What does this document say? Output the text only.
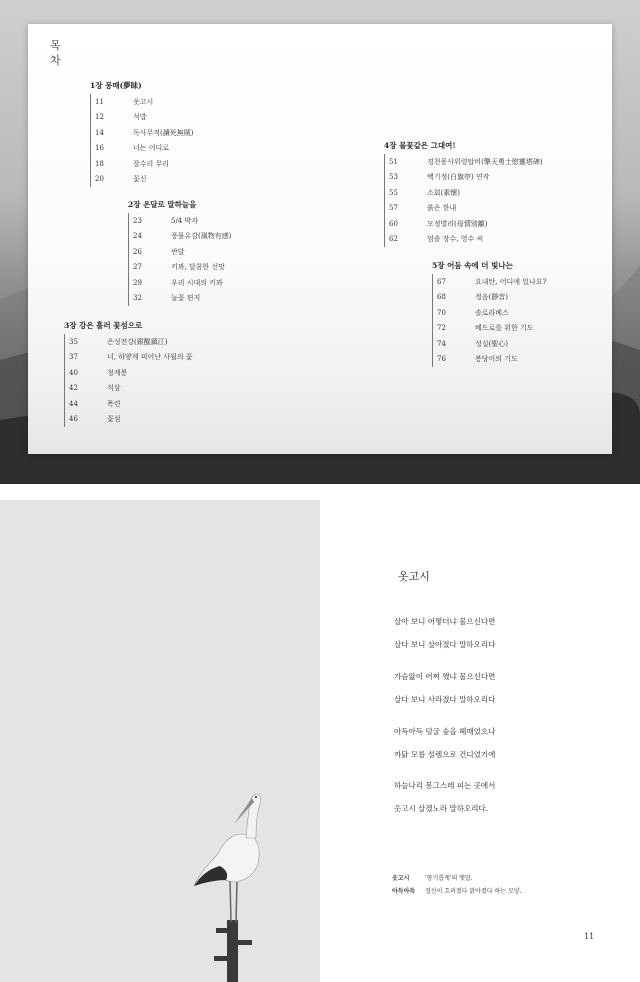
목차
1장 몽매(夢昧)
11	옷고시
12	석밥
14	독사무적(讀死無賊)
16	너는 어디로
18	잘수리 무리
20	꽃신
2장 온달로 말하늘을
23	5/4 박자
24	풍물유감(風物有感)
26	반달
27	키꽈, 달콤한 선맛
29	우리 시대의 키꽈
32	늘꽃 편지
3장 강은 흘러 꽃섬으로
35	은성전강(銀醒鎮江)
37	너, 하얗게 피어난 사월의 꽃
40	청계봉
42	석삼
44	목련
46	꽃섬
4장 불꽃같은 그대여!
51	경천용사위령탑비(擎天勇士慰靈塔碑)
53	백기정(白旗亭) 연작
55	소회(素懷)
57	붉은 한내
60	모정별리(母情別離)
62	엄솔 장수, 영수 씨
5장 어둠 속에 더 빛나는
67	요내탄, 어디에 있나요?
68	정음(靜音)
70	솔로라베스
72	베드로를 위한 기도
74	성실(聖心)
76	봉당이의 기도
옷고시
살아 보니 어떻더냐 물으신다면
살다 보니 살아졌다 말하오리다
가슴앓이 어찌 했냐 물으신다면
살다 보니 사라졌다 말하오리다
아득아득 덩굴 숲을 헤매었으나
까닭 모를 설렘으로 건디었기에
하늘나리 봉그스레 피는 곳에서
옷고시 살겠노라 말하오리다.
옷고시	'향기롭게'의 옛말.
아득아득	정신이 흐려졌다 맑아졌다 하는 모양.
11
